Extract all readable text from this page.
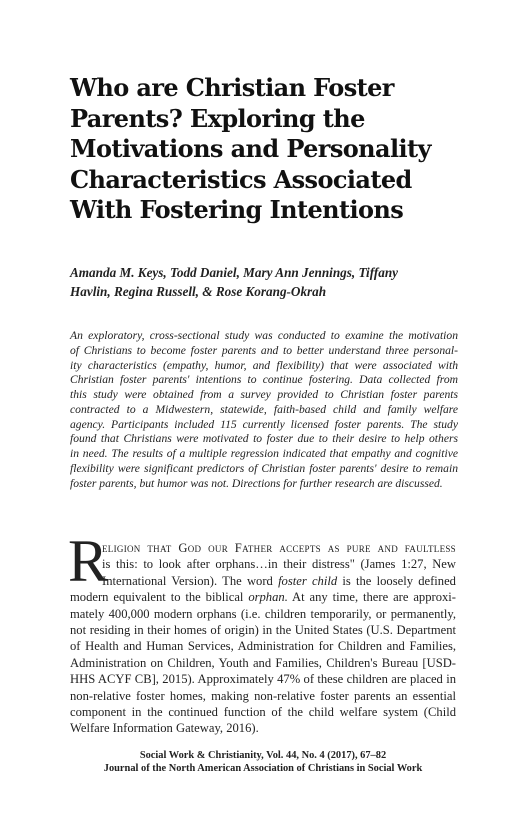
Who are Christian Foster
Parents? Exploring the
Motivations and Personality
Characteristics Associated
With Fostering Intentions
Amanda M. Keys, Todd Daniel, Mary Ann Jennings, Tiffany
Havlin, Regina Russell, & Rose Korang-Okrah
An exploratory, cross-sectional study was conducted to examine the motivation
of Christians to become foster parents and to better understand three personal-
ity characteristics (empathy, humor, and flexibility) that were associated with
Christian foster parents' intentions to continue fostering. Data collected from
this study were obtained from a survey provided to Christian foster parents
contracted to a Midwestern, statewide, faith-based child and family welfare
agency. Participants included 115 currently licensed foster parents. The study
found that Christians were motivated to foster due to their desire to help others
in need. The results of a multiple regression indicated that empathy and cognitive
flexibility were significant predictors of Christian foster parents' desire to remain
foster parents, but humor was not. Directions for further research are discussed.
R
eligion that God our Father accepts as pure and faultless
is this: to look after orphans…in their distress" (James 1:27, New
International Version). The word foster child is the loosely defined
modern equivalent to the biblical orphan. At any time, there are approxi-
mately 400,000 modern orphans (i.e. children temporarily, or permanently,
not residing in their homes of origin) in the United States (U.S. Department
of Health and Human Services, Administration for Children and Families,
Administration on Children, Youth and Families, Children's Bureau [USD-
HHS ACYF CB], 2015). Approximately 47% of these children are placed in
non-relative foster homes, making non-relative foster parents an essential
component in the continued function of the child welfare system (Child
Welfare Information Gateway, 2016).
Social Work & Christianity, Vol. 44, No. 4 (2017), 67–82
Journal of the North American Association of Christians in Social Work
